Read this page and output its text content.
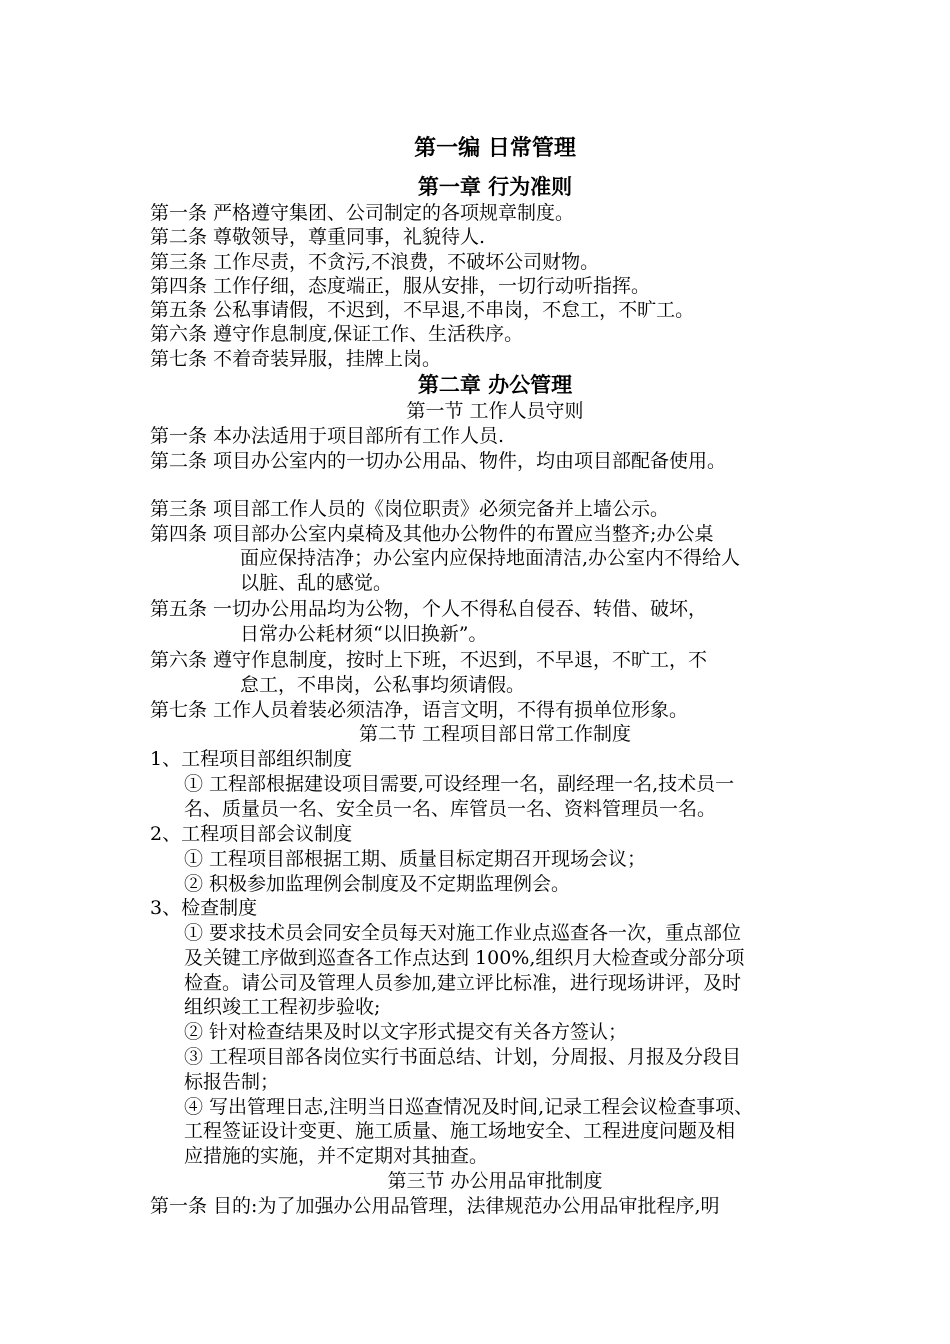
第一编 日常管理
第一章 行为准则
第一条 严格遵守集团、公司制定的各项规章制度。
第二条 尊敬领导，尊重同事，礼貌待人.
第三条 工作尽责，不贪污,不浪费，不破坏公司财物。
第四条 工作仔细，态度端正，服从安排，一切行动听指挥。
第五条 公私事请假，不迟到，不早退,不串岗，不怠工，不旷工。
第六条 遵守作息制度,保证工作、生活秩序。
第七条 不着奇装异服，挂牌上岗。
第二章 办公管理
第一节 工作人员守则
第一条 本办法适用于项目部所有工作人员.
第二条 项目办公室内的一切办公用品、物件，均由项目部配备使用。
第三条 项目部工作人员的《岗位职责》必须完备并上墙公示。
第四条 项目部办公室内桌椅及其他办公物件的布置应当整齐;办公桌
面应保持洁净；办公室内应保持地面清洁,办公室内不得给人
以脏、乱的感觉。
第五条 一切办公用品均为公物，个人不得私自侵吞、转借、破坏，
日常办公耗材须“以旧换新”。
第六条 遵守作息制度，按时上下班，不迟到，不早退，不旷工，不
怠工，不串岗，公私事均须请假。
第七条 工作人员着装必须洁净，语言文明，不得有损单位形象。
第二节 工程项目部日常工作制度
1、工程项目部组织制度
① 工程部根据建设项目需要,可设经理一名，副经理一名,技术员一
名、质量员一名、安全员一名、库管员一名、资料管理员一名。
2、工程项目部会议制度
① 工程项目部根据工期、质量目标定期召开现场会议；
② 积极参加监理例会制度及不定期监理例会。
3、检查制度
① 要求技术员会同安全员每天对施工作业点巡查各一次，重点部位
及关键工序做到巡查各工作点达到 100%,组织月大检查或分部分项
检查。请公司及管理人员参加,建立评比标准，进行现场讲评，及时
组织竣工工程初步验收;
② 针对检查结果及时以文字形式提交有关各方签认；
③ 工程项目部各岗位实行书面总结、计划，分周报、月报及分段目
标报告制；
④ 写出管理日志,注明当日巡查情况及时间,记录工程会议检查事项、
工程签证设计变更、施工质量、施工场地安全、工程进度问题及相
应措施的实施，并不定期对其抽查。
第三节 办公用品审批制度
第一条 目的:为了加强办公用品管理，法律规范办公用品审批程序,明
